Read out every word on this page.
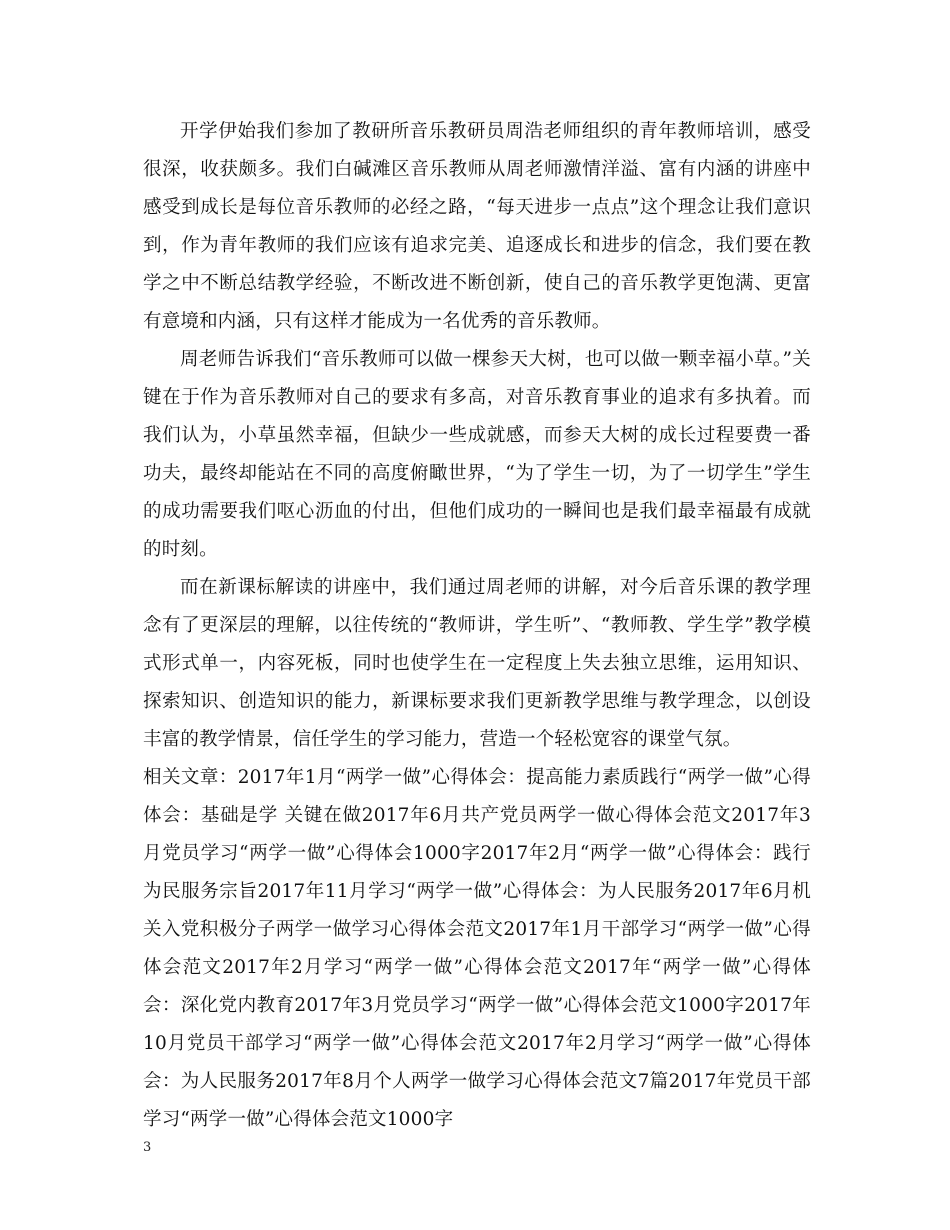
开学伊始我们参加了教研所音乐教研员周浩老师组织的青年教师培训，感受很深，收获颇多。我们白碱滩区音乐教师从周老师激情洋溢、富有内涵的讲座中感受到成长是每位音乐教师的必经之路，“每天进步一点点”这个理念让我们意识到，作为青年教师的我们应该有追求完美、追逐成长和进步的信念，我们要在教学之中不断总结教学经验，不断改进不断创新，使自己的音乐教学更饱满、更富有意境和内涵，只有这样才能成为一名优秀的音乐教师。

周老师告诉我们“音乐教师可以做一棵参天大树，也可以做一颗幸福小草。”关键在于作为音乐教师对自己的要求有多高，对音乐教育事业的追求有多执着。而我们认为，小草虽然幸福，但缺少一些成就感，而参天大树的成长过程要费一番功夫，最终却能站在不同的高度俯瞰世界，“为了学生一切，为了一切学生”学生的成功需要我们呕心沥血的付出，但他们成功的一瞬间也是我们最幸福最有成就的时刻。

而在新课标解读的讲座中，我们通过周老师的讲解，对今后音乐课的教学理念有了更深层的理解，以往传统的“教师讲，学生听”、“教师教、学生学”教学模式形式单一，内容死板，同时也使学生在一定程度上失去独立思维，运用知识、探索知识、创造知识的能力，新课标要求我们更新教学思维与教学理念，以创设丰富的教学情景，信任学生的学习能力，营造一个轻松宽容的课堂气氛。

相关文章：2017年1月“两学一做”心得体会：提高能力素质践行“两学一做”心得体会：基础是学 关键在做2017年6月共产党员两学一做心得体会范文2017年3月党员学习“两学一做”心得体会1000字2017年2月“两学一做”心得体会：践行为民服务宗旨2017年11月学习“两学一做”心得体会：为人民服务2017年6月机关入党积极分子两学一做学习心得体会范文2017年1月干部学习“两学一做”心得体会范文2017年2月学习“两学一做”心得体会范文2017年“两学一做”心得体会：深化党内教育2017年3月党员学习“两学一做”心得体会范文1000字2017年10月党员干部学习“两学一做”心得体会范文2017年2月学习“两学一做”心得体会：为人民服务2017年8月个人两学一做学习心得体会范文7篇2017年党员干部学习“两学一做”心得体会范文1000字

3
